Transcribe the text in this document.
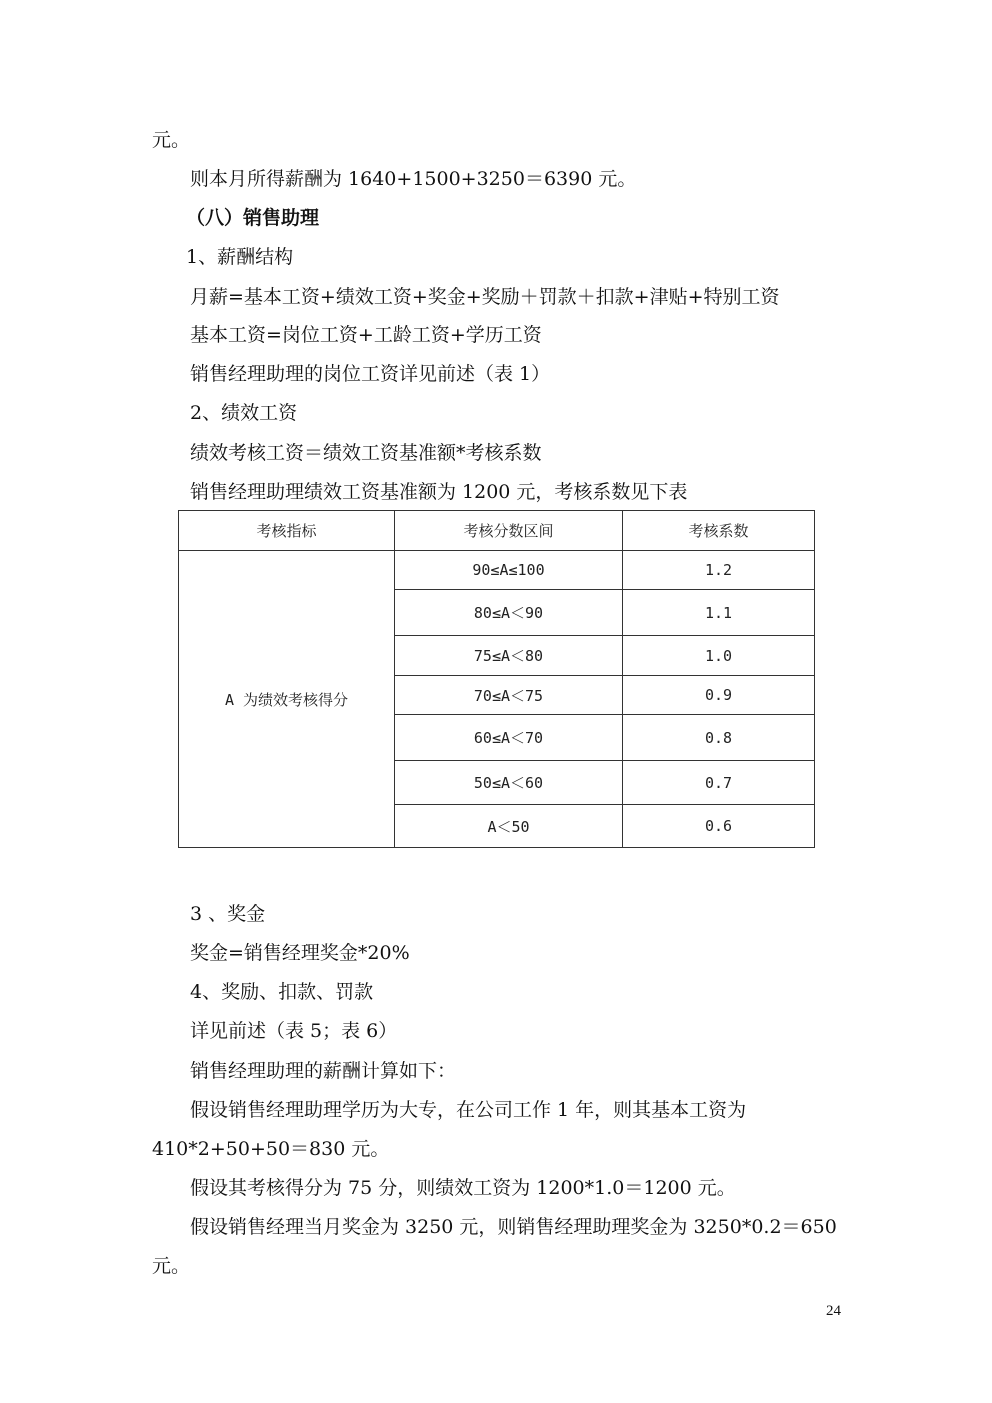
元。
则本月所得薪酬为 1640+1500+3250＝6390 元。
（八）销售助理
1、薪酬结构
月薪=基本工资+绩效工资+奖金+奖励＋罚款＋扣款+津贴+特别工资
基本工资=岗位工资+工龄工资+学历工资
销售经理助理的岗位工资详见前述（表 1）
2、绩效工资
绩效考核工资＝绩效工资基准额*考核系数
销售经理助理绩效工资基准额为 1200 元，考核系数见下表
考核指标	考核分数区间	考核系数
A 为绩效考核得分	90≤A≤100	1.2
	80≤A＜90	1.1
	75≤A＜80	1.0
	70≤A＜75	0.9
	60≤A＜70	0.8
	50≤A＜60	0.7
	A＜50	0.6
3 、奖金
奖金=销售经理奖金*20%
4、奖励、扣款、罚款
详见前述（表 5；表 6）
销售经理助理的薪酬计算如下：
假设销售经理助理学历为大专，在公司工作 1 年，则其基本工资为
410*2+50+50＝830 元。
假设其考核得分为 75 分，则绩效工资为 1200*1.0＝1200 元。
假设销售经理当月奖金为 3250 元，则销售经理助理奖金为 3250*0.2＝650
元。
24
